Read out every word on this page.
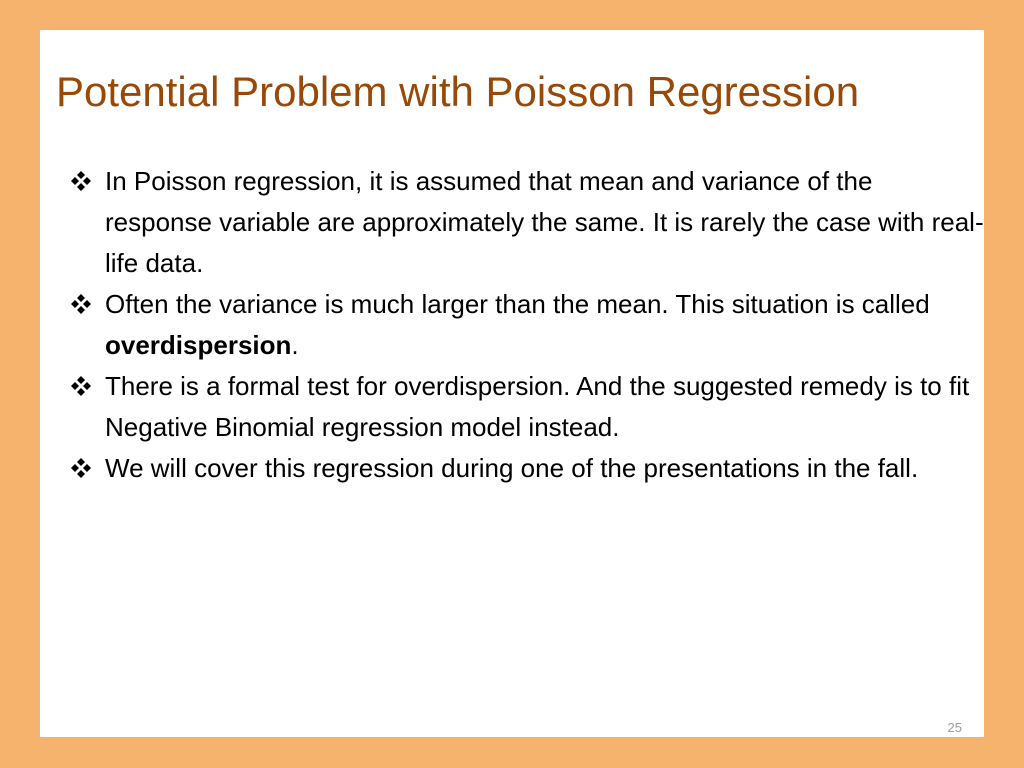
Potential Problem with Poisson Regression
In Poisson regression, it is assumed that mean and variance of the response variable are approximately the same. It is rarely the case with real-life data.
Often the variance is much larger than the mean. This situation is called overdispersion.
There is a formal test for overdispersion. And the suggested remedy is to fit Negative Binomial regression model instead.
We will cover this regression during one of the presentations in the fall.
25
